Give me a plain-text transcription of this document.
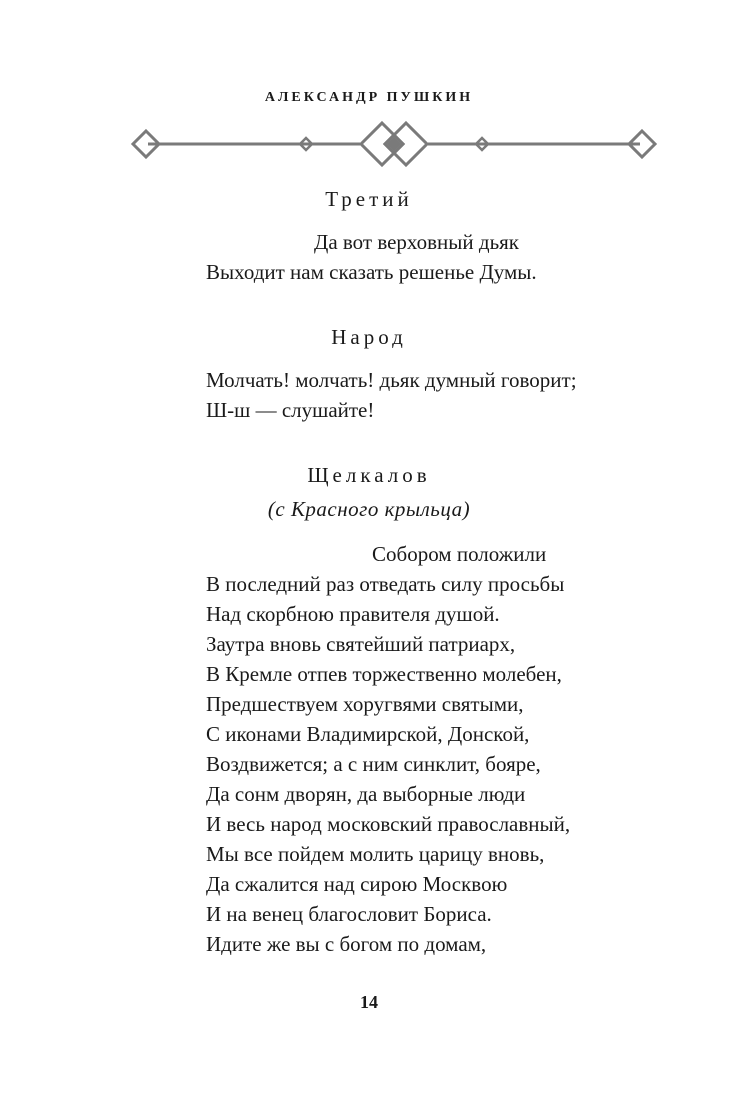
АЛЕКСАНДР ПУШКИН
Третий
Да вот верховный дьяк
Выходит нам сказать решенье Думы.
Народ
Молчать! молчать! дьяк думный говорит;
Ш-ш — слушайте!
Щелкалов
(с Красного крыльца)
Собором положили
В последний раз отведать силу просьбы
Над скорбною правителя душой.
Заутра вновь святейший патриарх,
В Кремле отпев торжественно молебен,
Предшествуем хоругвями святыми,
С иконами Владимирской, Донской,
Воздвижется; а с ним синклит, бояре,
Да сонм дворян, да выборные люди
И весь народ московский православный,
Мы все пойдем молить царицу вновь,
Да сжалится над сирою Москвою
И на венец благословит Бориса.
Идите же вы с богом по домам,
14
